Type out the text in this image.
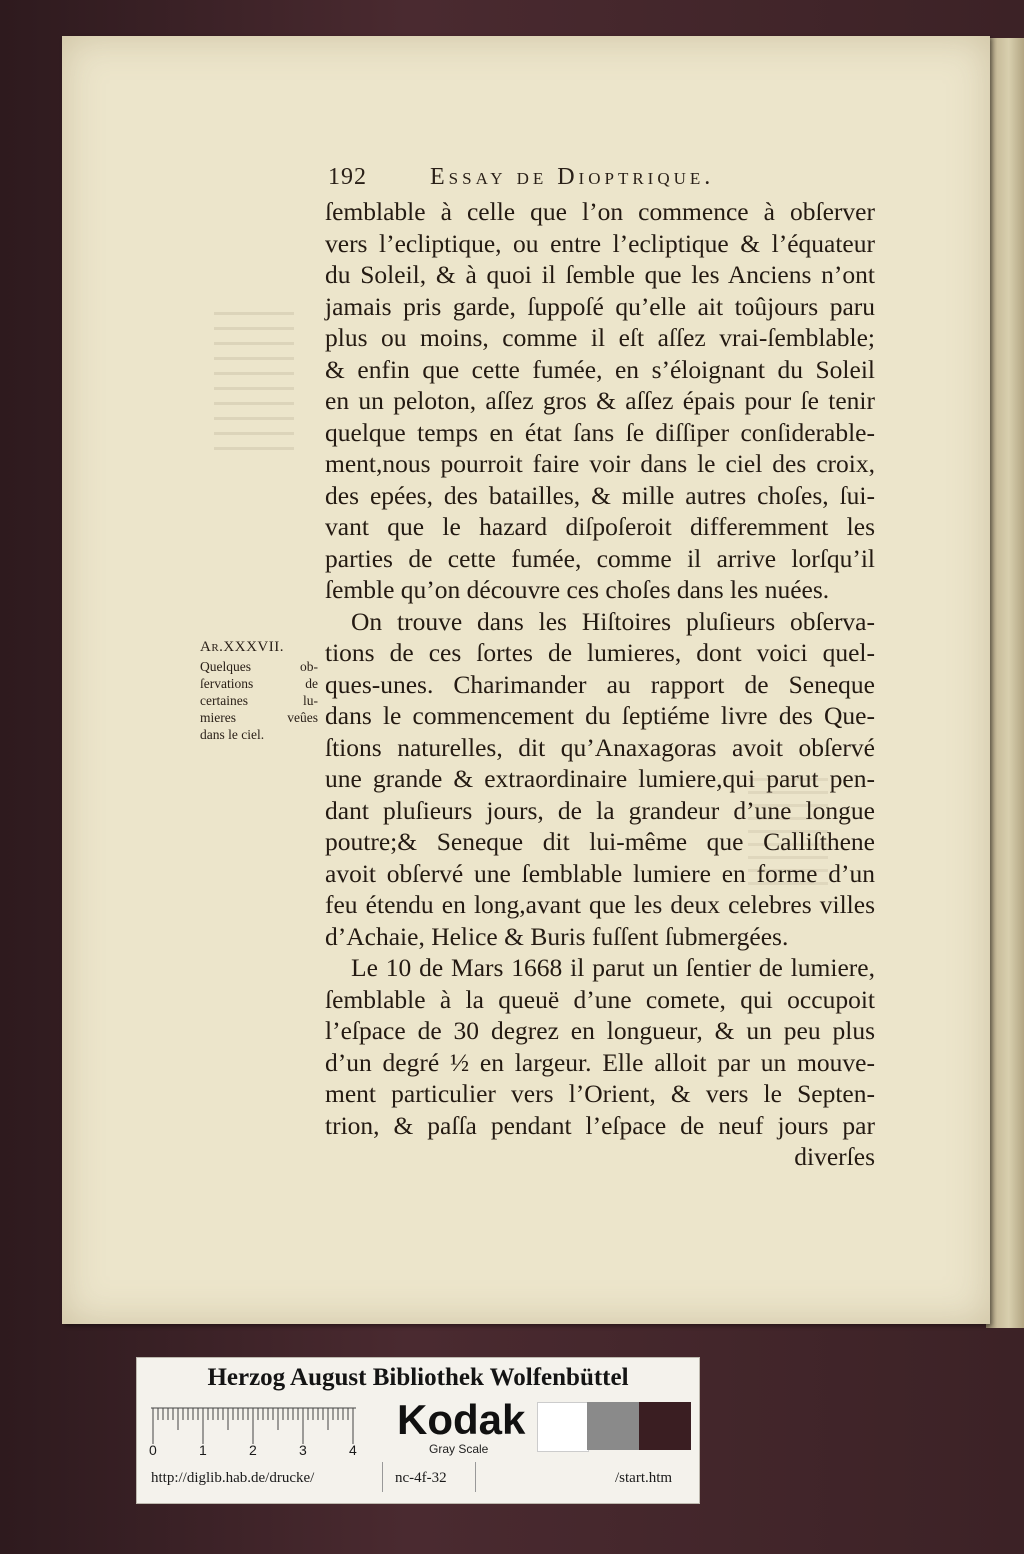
192	Essay de Dioptrique.
ſemblable à celle que l’on commence à obſerver
vers l’ecliptique, ou entre l’ecliptique & l’équateur
du Soleil, & à quoi il ſemble que les Anciens n’ont
jamais pris garde, ſuppoſé qu’elle ait toûjours paru
plus ou moins, comme il eſt aſſez vrai-ſemblable;
& enfin que cette fumée, en s’éloignant du Soleil
en un peloton, aſſez gros & aſſez épais pour ſe tenir
quelque temps en état ſans ſe diſſiper conſiderable-
ment,nous pourroit faire voir dans le ciel des croix,
des epées, des batailles, & mille autres choſes, ſui-
vant que le hazard diſpoſeroit differemment les
parties de cette fumée, comme il arrive lorſqu’il
ſemble qu’on découvre ces choſes dans les nuées.
On trouve dans les Hiſtoires pluſieurs obſerva-
tions de ces ſortes de lumieres, dont voici quel-
ques-unes. Charimander au rapport de Seneque
dans le commencement du ſeptiéme livre des Que-
ſtions naturelles, dit qu’Anaxagoras avoit obſervé
une grande & extraordinaire lumiere,qui parut pen-
dant pluſieurs jours, de la grandeur d’une longue
poutre;& Seneque dit lui-même que Calliſthene
avoit obſervé une ſemblable lumiere en forme d’un
feu étendu en long,avant que les deux celebres villes
d’Achaie, Helice & Buris fuſſent ſubmergées.
Le 10 de Mars 1668 il parut un ſentier de lumiere,
ſemblable à la queuë d’une comete, qui occupoit
l’eſpace de 30 degrez en longueur, & un peu plus
d’un degré ½ en largeur. Elle alloit par un mouve-
ment particulier vers l’Orient, & vers le Septen-
trion, & paſſa pendant l’eſpace de neuf jours par
diverſes
Ar.XXXVII.
Quelques ob-
ſervations de
certaines lu-
mieres veûes
dans le ciel.
Herzog August Bibliothek Wolfenbüttel
0	1	2	3	4
Kodak
Gray Scale
http://diglib.hab.de/drucke/	nc-4f-32	/start.htm
